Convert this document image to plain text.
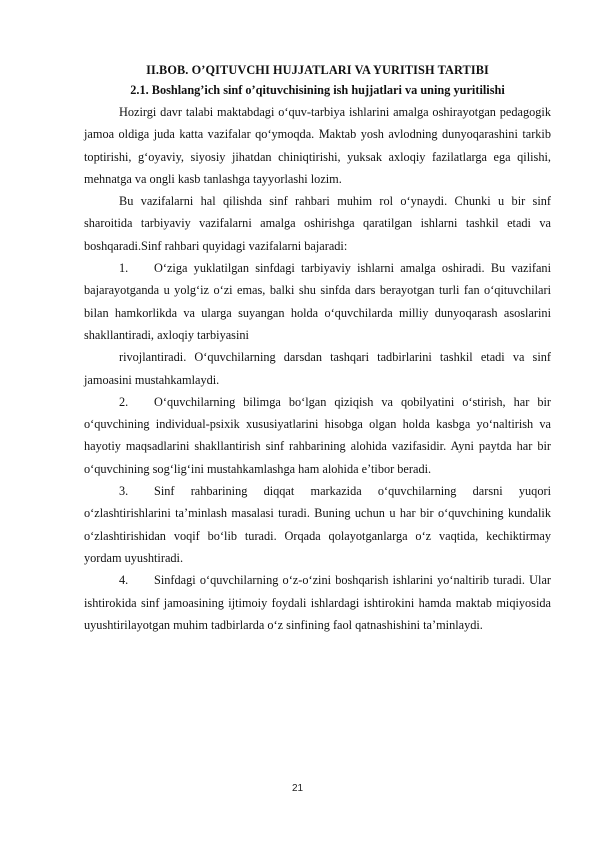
II.BOB. O’QITUVCHI HUJJATLARI VA YURITISH TARTIBI
2.1. Boshlang’ich sinf o’qituvchisining ish hujjatlari va uning yuritilishi

Hozirgi davr talabi maktabdagi o‘quv-tarbiya ishlarini amalga oshirayotgan pedagogik jamoa oldiga juda katta vazifalar qo‘ymoqda. Maktab yosh avlodning dunyoqarashini tarkib toptirishi, g‘oyaviy, siyosiy jihatdan chiniqtirishi, yuksak axloqiy fazilatlarga ega qilishi, mehnatga va ongli kasb tanlashga tayyorlashi lozim.

Bu vazifalarni hal qilishda sinf rahbari muhim rol o‘ynaydi. Chunki u bir sinf sharoitida tarbiyaviy vazifalarni amalga oshirishga qaratilgan ishlarni tashkil etadi va boshqaradi.Sinf rahbari quyidagi vazifalarni bajaradi:

1. O‘ziga yuklatilgan sinfdagi tarbiyaviy ishlarni amalga oshiradi. Bu vazifani bajarayotganda u yolg‘iz o‘zi emas, balki shu sinfda dars berayotgan turli fan o‘qituvchilari bilan hamkorlikda va ularga suyangan holda o‘quvchilarda milliy dunyoqarash asoslarini shakllantiradi, axloqiy tarbiyasini

rivojlantiradi. O‘quvchilarning darsdan tashqari tadbirlarini tashkil etadi va sinf jamoasini mustahkamlaydi.

2. O‘quvchilarning bilimga bo‘lgan qiziqish va qobilyatini o‘stirish, har bir o‘quvchining individual-psixik xususiyatlarini hisobga olgan holda kasbga yo‘naltirish va hayotiy maqsadlarini shakllantirish sinf rahbarining alohida vazifasidir. Ayni paytda har bir o‘quvchining sog‘lig‘ini mustahkamlashga ham alohida e’tibor beradi.

3. Sinf rahbarining diqqat markazida o‘quvchilarning darsni yuqori o‘zlashtirishlarini ta’minlash masalasi turadi. Buning uchun u har bir o‘quvchining kundalik o‘zlashtirishidan voqif bo‘lib turadi. Orqada qolayotganlarga o‘z vaqtida, kechiktirmay yordam uyushtiradi.

4. Sinfdagi o‘quvchilarning o‘z-o‘zini boshqarish ishlarini yo‘naltirib turadi. Ular ishtirokida sinf jamoasining ijtimoiy foydali ishlardagi ishtirokini hamda maktab miqiyosida uyushtirilayotgan muhim tadbirlarda o‘z sinfining faol qatnashishini ta’minlaydi.

21
